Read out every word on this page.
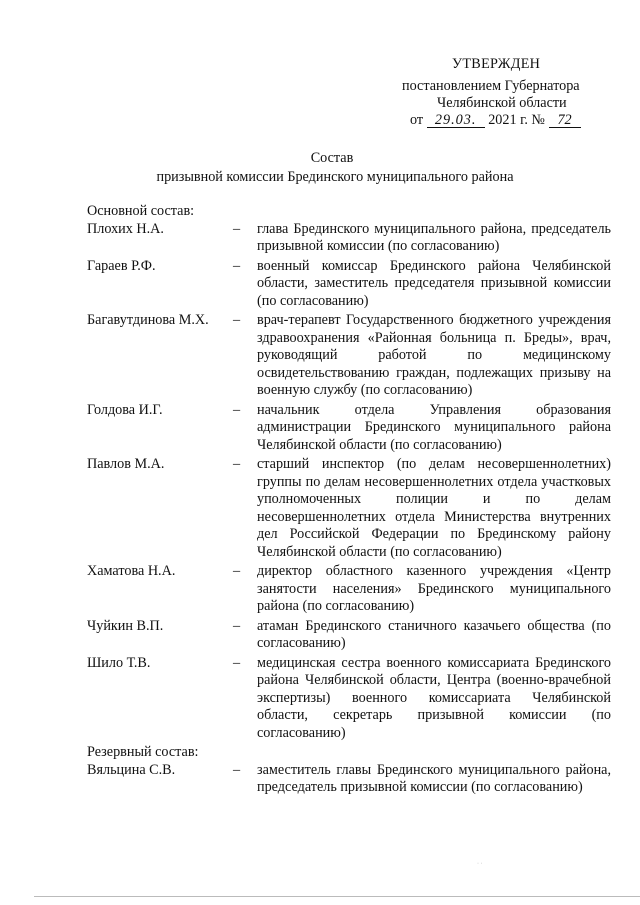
УТВЕРЖДЕН
постановлением Губернатора
Челябинской области
от 29.03. 2021 г. № 72
Состав
призывной комиссии Брединского муниципального района
Основной состав:
Плохих Н.А.	–	глава Брединского муниципального района, председатель призывной комиссии (по согласованию)
Гараев Р.Ф.	–	военный комиссар Брединского района Челябинской области, заместитель председателя призывной комиссии (по согласованию)
Багавутдинова М.Х.	–	врач-терапевт Государственного бюджетного учреждения здравоохранения «Районная больница п. Бреды», врач, руководящий работой по медицинскому освидетельствованию граждан, подлежащих призыву на военную службу (по согласованию)
Голдова И.Г.	–	начальник отдела Управления образования администрации Брединского муниципального района Челябинской области (по согласованию)
Павлов М.А.	–	старший инспектор (по делам несовершеннолетних) группы по делам несовершеннолетних отдела участковых уполномоченных полиции и по делам несовершеннолетних отдела Министерства внутренних дел Российской Федерации по Брединскому району Челябинской области (по согласованию)
Хаматова Н.А.	–	директор областного казенного учреждения «Центр занятости населения» Брединского муниципального района (по согласованию)
Чуйкин В.П.	–	атаман Брединского станичного казачьего общества (по согласованию)
Шило Т.В.	–	медицинская сестра военного комиссариата Брединского района Челябинской области, Центра (военно-врачебной экспертизы) военного комиссариата Челябинской области, секретарь призывной комиссии (по согласованию)
Резервный состав:
Вяльцина С.В.	–	заместитель главы Брединского муниципального района, председатель призывной комиссии (по согласованию)
· ·
